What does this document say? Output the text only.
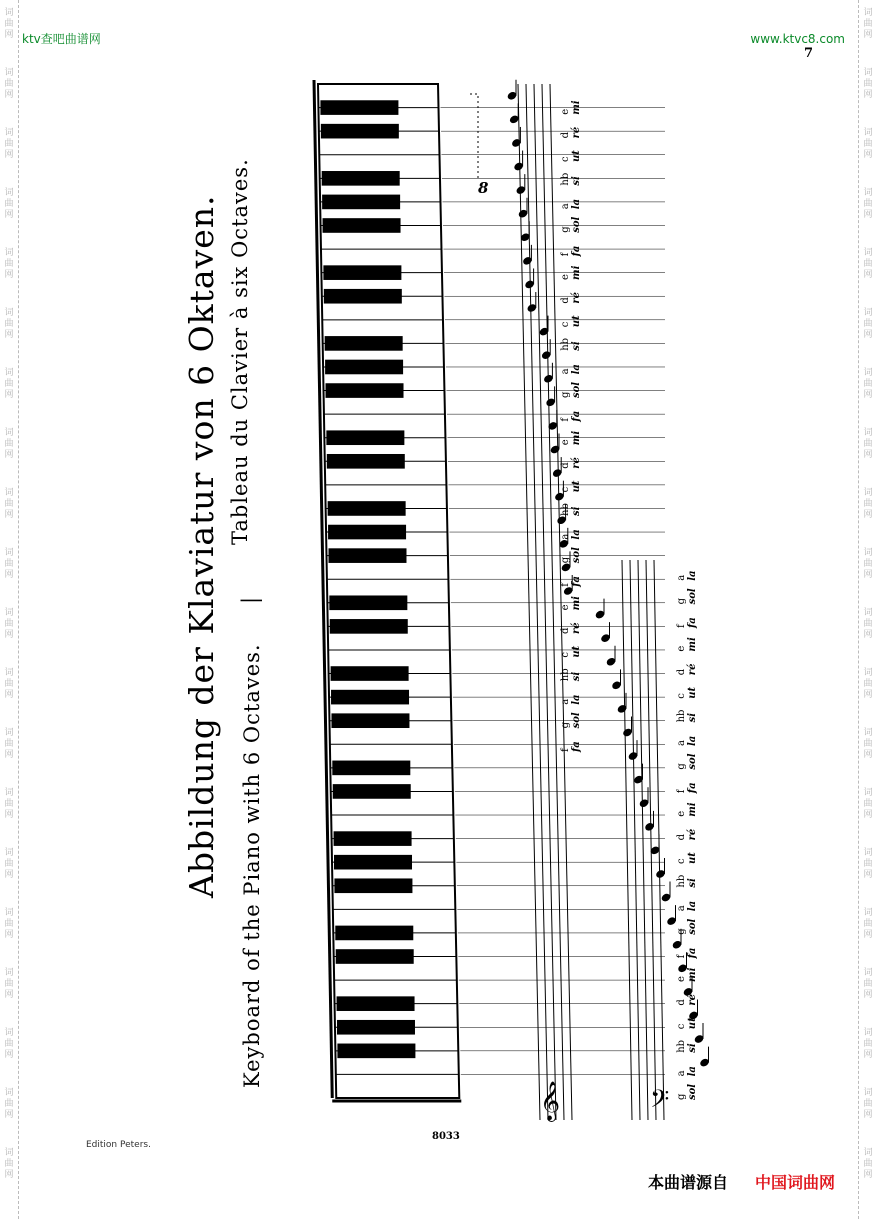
词
曲
网
词
曲
网
词
曲
网
词
曲
网
词
曲
网
词
曲
网
词
曲
网
词
曲
网
词
曲
网
词
曲
网
词
曲
网
词
曲
网
词
曲
网
词
曲
网
词
曲
网
词
曲
网
词
曲
网
词
曲
网
词
曲
网
词
曲
网
词
曲
网
词
曲
网
词
曲
网
词
曲
网
词
曲
网
词
曲
网
词
曲
网
词
曲
网
词
曲
网
词
曲
网
词
曲
网
词
曲
网
词
曲
网
词
曲
网
词
曲
网
词
曲
网
词
曲
网
词
曲
网
词
曲
网
词
曲
网
ktv查吧曲谱网	www.ktvc8.com
7
f fa
g sol
a la
hb si
c ut
d ré
e mi
f fa
g sol
a la
hb si
c ut
d ré
e mi
f fa
g sol
a la
hb si
c ut
d ré
e mi
f fa
g sol
a la
hb si
c ut
d ré
e mi
g sol
a la
hb si
c ut
d ré
e mi
f fa
g sol
a la
hb si
c ut
d ré
e mi
f fa
g sol
a la
hb si
c ut
d ré
e mi
f fa
g sol
a la
8
𝄞	𝄢
Abbildung der Klaviatur von 6 Oktaven. Keyboard of the Piano with 6 Octaves.
|
Tableau du Clavier à six Octaves.
Edition Peters.
8033
本曲谱源自 中国词曲网
